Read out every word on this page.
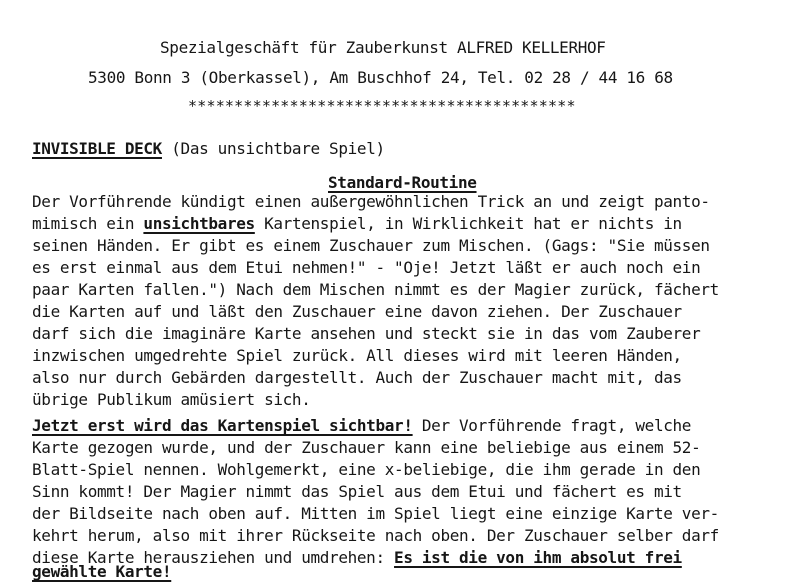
Spezialgeschäft für Zauberkunst ALFRED KELLERHOF
5300 Bonn 3 (Oberkassel), Am Buschhof 24, Tel. 02 28 / 44 16 68
******************************************
INVISIBLE DECK (Das unsichtbare Spiel)
Standard-Routine
Der Vorführende kündigt einen außergewöhnlichen Trick an und zeigt panto-
mimisch ein unsichtbares Kartenspiel, in Wirklichkeit hat er nichts in
seinen Händen. Er gibt es einem Zuschauer zum Mischen. (Gags: "Sie müssen
es erst einmal aus dem Etui nehmen!" - "Oje! Jetzt läßt er auch noch ein
paar Karten fallen.") Nach dem Mischen nimmt es der Magier zurück, fächert
die Karten auf und läßt den Zuschauer eine davon ziehen. Der Zuschauer
darf sich die imaginäre Karte ansehen und steckt sie in das vom Zauberer
inzwischen umgedrehte Spiel zurück. All dieses wird mit leeren Händen,
also nur durch Gebärden dargestellt. Auch der Zuschauer macht mit, das
übrige Publikum amüsiert sich.
Jetzt erst wird das Kartenspiel sichtbar! Der Vorführende fragt, welche
Karte gezogen wurde, und der Zuschauer kann eine beliebige aus einem 52-
Blatt-Spiel nennen. Wohlgemerkt, eine x-beliebige, die ihm gerade in den
Sinn kommt! Der Magier nimmt das Spiel aus dem Etui und fächert es mit
der Bildseite nach oben auf. Mitten im Spiel liegt eine einzige Karte ver-
kehrt herum, also mit ihrer Rückseite nach oben. Der Zuschauer selber darf
diese Karte herausziehen und umdrehen: Es ist die von ihm absolut frei
gewählte Karte!
